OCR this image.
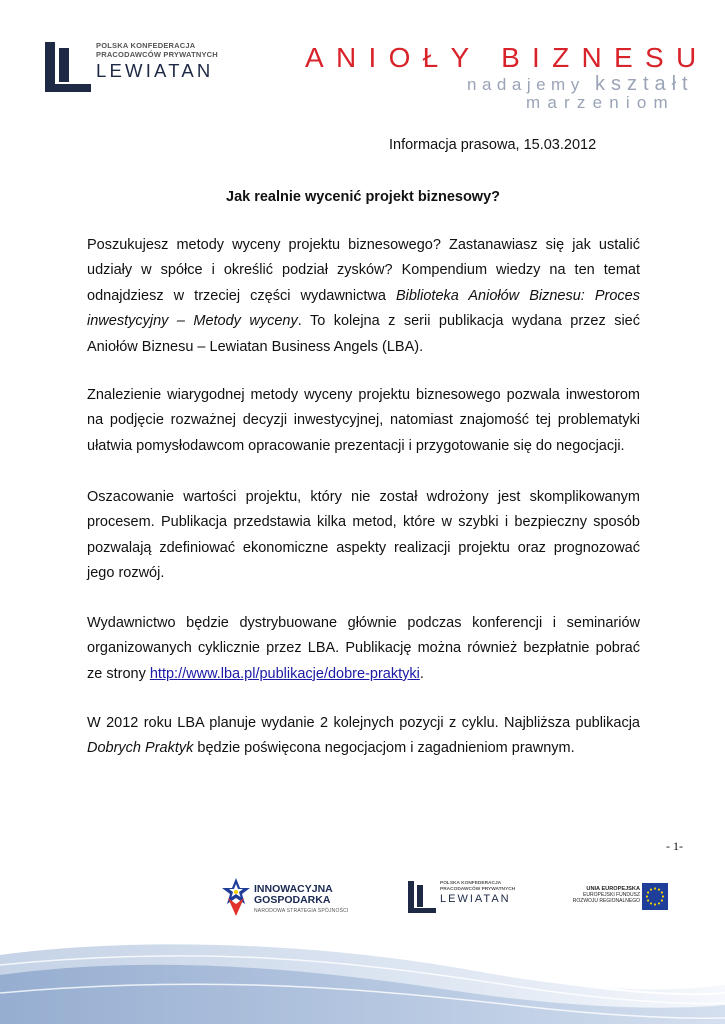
POLSKA KONFEDERACJA
PRACODAWCÓW PRYWATNYCH
LEWIATAN	ANIOŁY BIZNESU
nadajemy kształt
marzeniom
Informacja prasowa, 15.03.2012
Jak realnie wycenić projekt biznesowy?
Poszukujesz metody wyceny projektu biznesowego? Zastanawiasz się jak ustalić udziały w spółce i określić podział zysków? Kompendium wiedzy na ten temat odnajdziesz w trzeciej części wydawnictwa Biblioteka Aniołów Biznesu: Proces inwestycyjny – Metody wyceny. To kolejna z serii publikacja wydana przez sieć Aniołów Biznesu – Lewiatan Business Angels (LBA).
Znalezienie wiarygodnej metody wyceny projektu biznesowego pozwala inwestorom na podjęcie rozważnej decyzji inwestycyjnej, natomiast znajomość tej problematyki ułatwia pomysłodawcom opracowanie prezentacji i przygotowanie się do negocjacji.
Oszacowanie wartości projektu, który nie został wdrożony jest skomplikowanym procesem. Publikacja przedstawia kilka metod, które w szybki i bezpieczny sposób pozwalają zdefiniować ekonomiczne aspekty realizacji projektu oraz prognozować jego rozwój.
Wydawnictwo będzie dystrybuowane głównie podczas konferencji i seminariów organizowanych cyklicznie przez LBA. Publikację można również bezpłatnie pobrać ze strony http://www.lba.pl/publikacje/dobre-praktyki.
W 2012 roku LBA planuje wydanie 2 kolejnych pozycji z cyklu. Najbliższa publikacja Dobrych Praktyk będzie poświęcona negocjacjom i zagadnieniom prawnym.
- 1-
INNOWACYJNA
GOSPODARKA
NARODOWA STRATEGIA SPÓJNOŚCI
POLSKA KONFEDERACJA
PRACODAWCÓW PRYWATNYCH
LEWIATAN
UNIA EUROPEJSKA
EUROPEJSKI FUNDUSZ
ROZWOJU REGIONALNEGO
